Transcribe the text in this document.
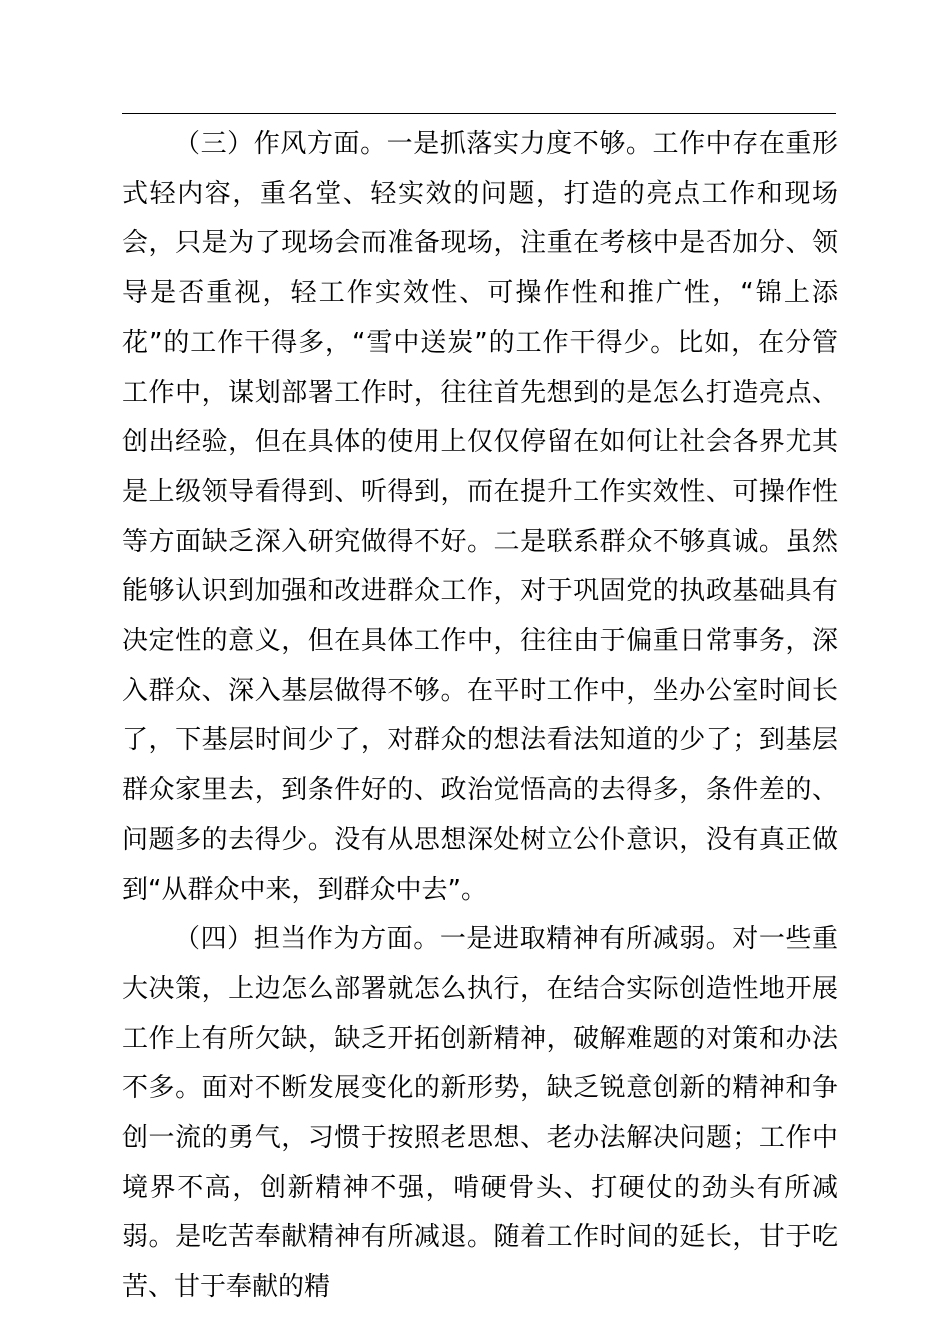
（三）作风方面。一是抓落实力度不够。工作中存在重形式轻内容，重名堂、轻实效的问题，打造的亮点工作和现场会，只是为了现场会而准备现场，注重在考核中是否加分、领导是否重视，轻工作实效性、可操作性和推广性，“锦上添花”的工作干得多，“雪中送炭”的工作干得少。比如，在分管工作中，谋划部署工作时，往往首先想到的是怎么打造亮点、创出经验，但在具体的使用上仅仅停留在如何让社会各界尤其是上级领导看得到、听得到，而在提升工作实效性、可操作性等方面缺乏深入研究做得不好。二是联系群众不够真诚。虽然能够认识到加强和改进群众工作，对于巩固党的执政基础具有决定性的意义，但在具体工作中，往往由于偏重日常事务，深入群众、深入基层做得不够。在平时工作中，坐办公室时间长了，下基层时间少了，对群众的想法看法知道的少了；到基层群众家里去，到条件好的、政治觉悟高的去得多，条件差的、问题多的去得少。没有从思想深处树立公仆意识，没有真正做到“从群众中来，到群众中去”。

（四）担当作为方面。一是进取精神有所减弱。对一些重大决策，上边怎么部署就怎么执行，在结合实际创造性地开展工作上有所欠缺，缺乏开拓创新精神，破解难题的对策和办法不多。面对不断发展变化的新形势，缺乏锐意创新的精神和争创一流的勇气，习惯于按照老思想、老办法解决问题；工作中境界不高，创新精神不强，啃硬骨头、打硬仗的劲头有所减弱。是吃苦奉献精神有所减退。随着工作时间的延长，甘于吃苦、甘于奉献的精
